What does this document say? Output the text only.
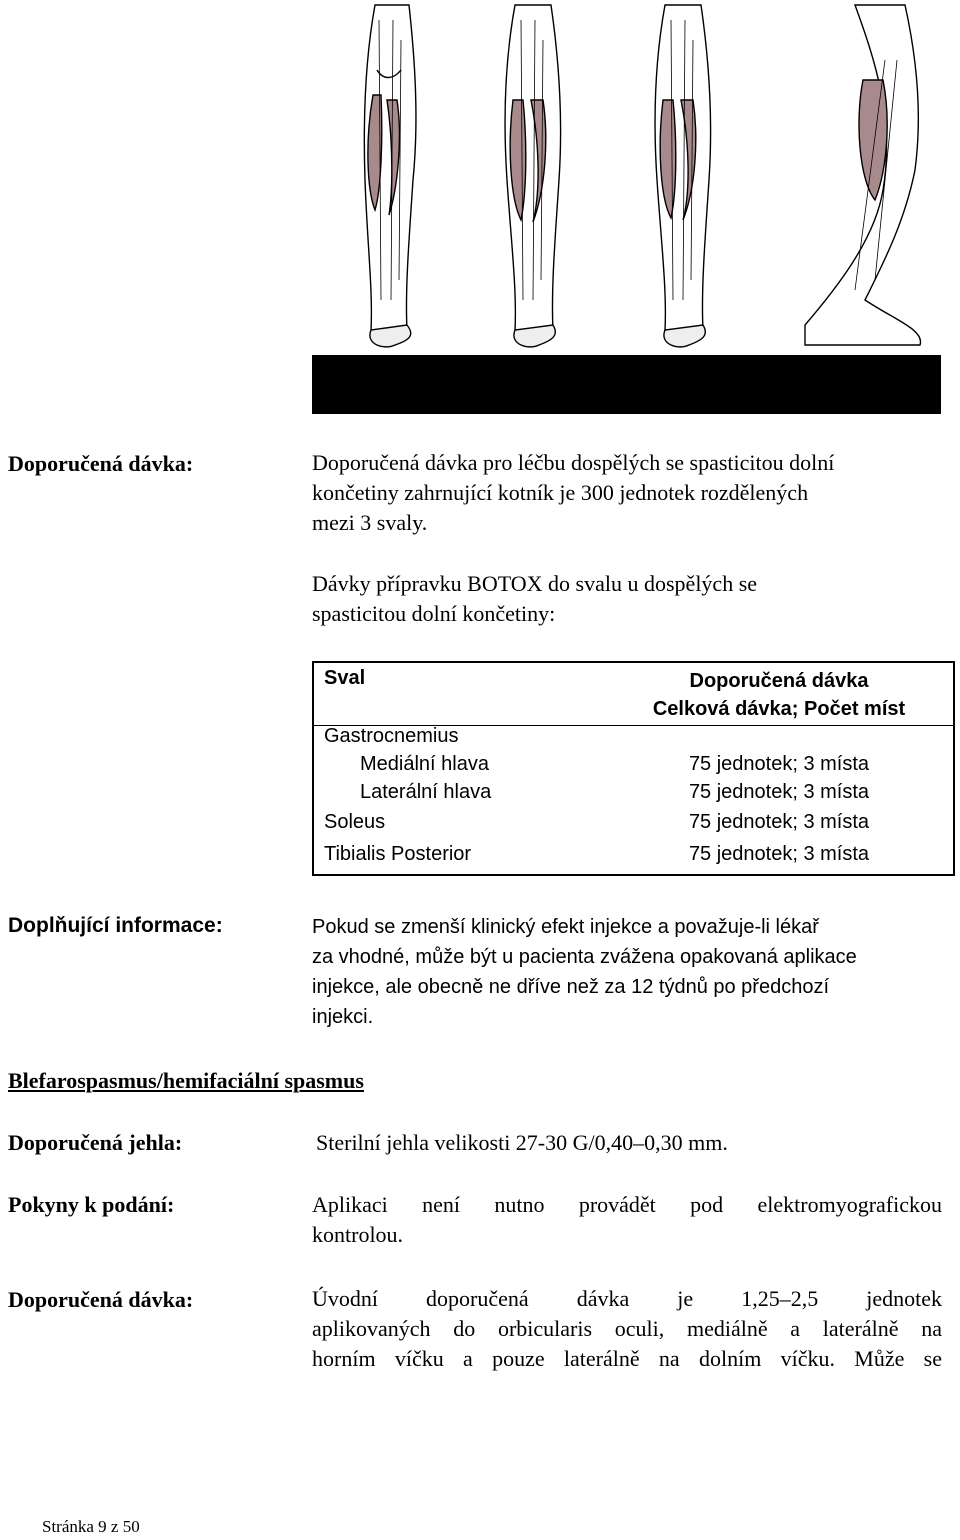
Doporučená dávka:	Doporučená dávka pro léčbu dospělých se spasticitou dolní
končetiny zahrnující kotník je 300 jednotek rozdělených
mezi 3 svaly.
Dávky přípravku BOTOX do svalu u dospělých se
spasticitou dolní končetiny:
Sval	Doporučená dávka
Celková dávka; Počet míst
Gastrocnemius
Mediální hlava	75 jednotek; 3 místa
Laterální hlava	75 jednotek; 3 místa
Soleus	75 jednotek; 3 místa
Tibialis Posterior	75 jednotek; 3 místa
Doplňující informace:	Pokud se zmenší klinický efekt injekce a považuje-li lékař
za vhodné, může být u pacienta zvážena opakovaná aplikace
injekce, ale obecně ne dříve než za 12 týdnů po předchozí
injekci.
Blefarospasmus/hemifaciální spasmus
Doporučená jehla:	Sterilní jehla velikosti 27-30 G/0,40–0,30 mm.
Pokyny k podání:	Aplikaci není nutno provádět pod elektromyografickou
kontrolou.
Doporučená dávka:	Úvodní doporučená dávka je 1,25–2,5 jednotek
aplikovaných do orbicularis oculi, mediálně a laterálně na
horním víčku a pouze laterálně na dolním víčku. Může se
Stránka 9 z 50
